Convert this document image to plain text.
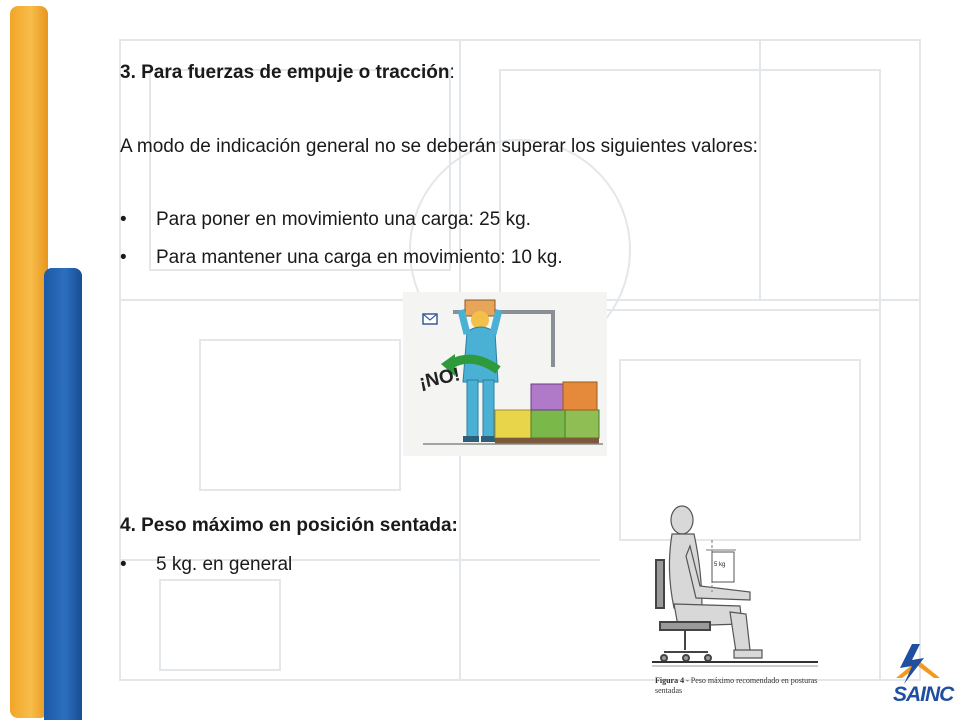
3. Para fuerzas de empuje o tracción:
A modo de indicación general no se deberán superar los siguientes valores:
• Para poner en movimiento una carga: 25 kg.
• Para mantener una carga en movimiento: 10 kg.
¡NO!
4. Peso máximo en posición sentada:
• 5 kg. en general	5 kg
Figura 4 - Peso máximo recomendado en posturas sentadas	SAINC
